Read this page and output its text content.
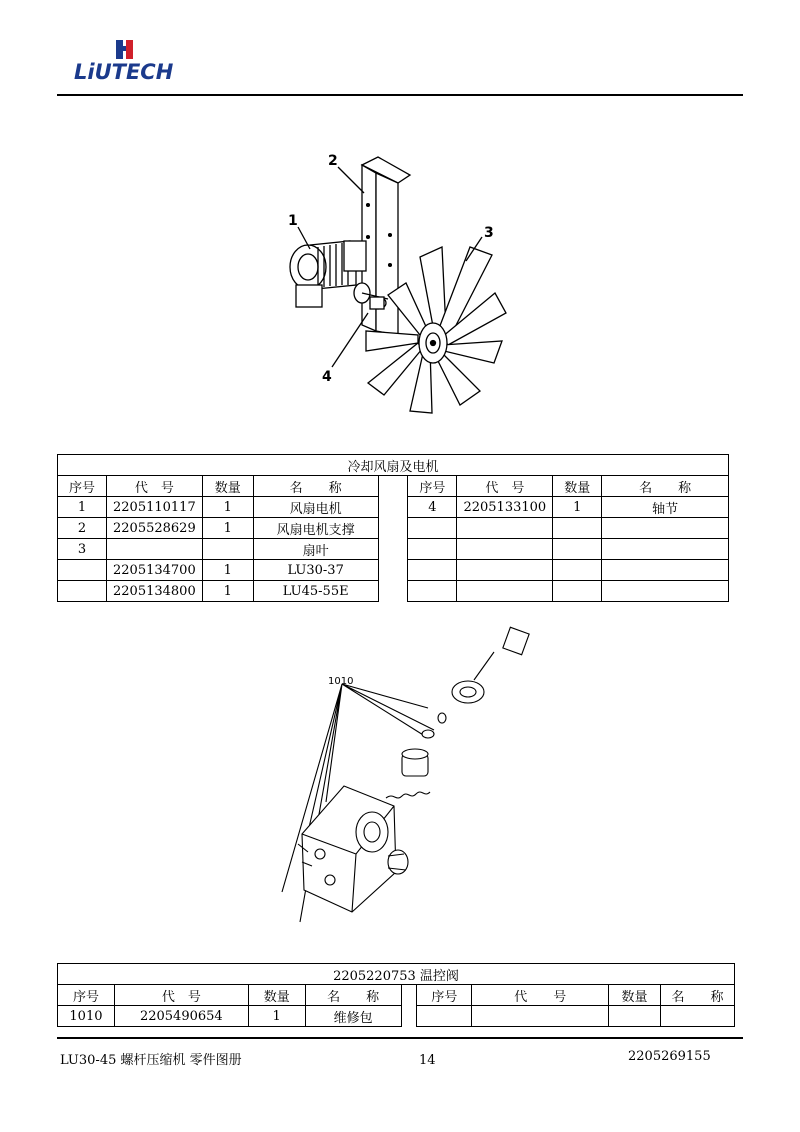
LiUTECH
1
2
3
4
冷却风扇及电机								
序号	代　号	数量	名　　称		序号	代　号	数量	名　　称
1	2205110117	1	风扇电机		4	2205133100	1	轴节
2	2205528629	1	风扇电机支撑					
3			扇叶					
	2205134700	1	LU30-37					
	2205134800	1	LU45-55E					
1010
2205220753 温控阀								
序号	代　号	数量	名　　称		序号	代　　号	数量	名　　称
1010	2205490654	1	维修包					
LU30-45 螺杆压缩机 零件图册	14	2205269155
